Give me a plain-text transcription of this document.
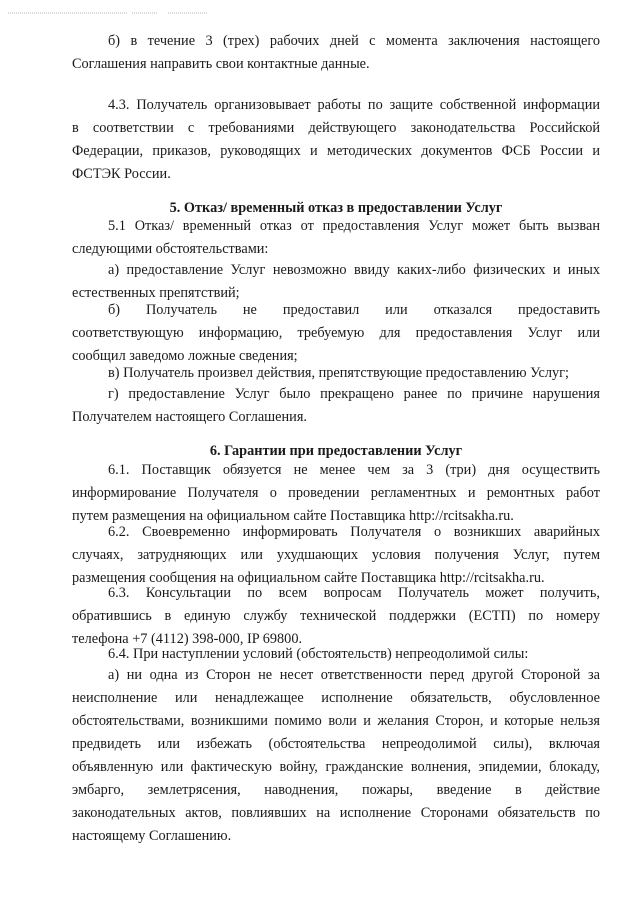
б) в течение 3 (трех) рабочих дней с момента заключения настоящего
Соглашения направить свои контактные данные.
4.3. Получатель организовывает работы по защите собственной информации
в соответствии с требованиями действующего законодательства Российской
Федерации, приказов, руководящих и методических документов ФСБ России и
ФСТЭК России.

5. Отказ/ временный отказ в предоставлении Услуг

5.1 Отказ/ временный отказ от предоставления Услуг может быть вызван
следующими обстоятельствами:
а) предоставление Услуг невозможно ввиду каких-либо физических и иных
естественных препятствий;
б) Получатель не предоставил или отказался предоставить
соответствующую информацию, требуемую для предоставления Услуг или
сообщил заведомо ложные сведения;
в) Получатель произвел действия, препятствующие предоставлению Услуг;
г) предоставление Услуг было прекращено ранее по причине нарушения
Получателем настоящего Соглашения.

6. Гарантии при предоставлении Услуг

6.1. Поставщик обязуется не менее чем за 3 (три) дня осуществить
информирование Получателя о проведении регламентных и ремонтных работ
путем размещения на официальном сайте Поставщика http://rcitsakha.ru.
6.2. Своевременно информировать Получателя о возникших аварийных
случаях, затрудняющих или ухудшающих условия получения Услуг, путем
размещения сообщения на официальном сайте Поставщика http://rcitsakha.ru.
6.3. Консультации по всем вопросам Получатель может получить,
обратившись в единую службу технической поддержки (ЕСТП) по номеру
телефона +7 (4112) 398-000, IP 69800.
6.4. При наступлении условий (обстоятельств) непреодолимой силы:
а) ни одна из Сторон не несет ответственности перед другой Стороной за
неисполнение или ненадлежащее исполнение обязательств, обусловленное
обстоятельствами, возникшими помимо воли и желания Сторон, и которые нельзя
предвидеть или избежать (обстоятельства непреодолимой силы), включая
объявленную или фактическую войну, гражданские волнения, эпидемии, блокаду,
эмбарго, землетрясения, наводнения, пожары, введение в действие
законодательных актов, повлиявших на исполнение Сторонами обязательств по
настоящему Соглашению.
